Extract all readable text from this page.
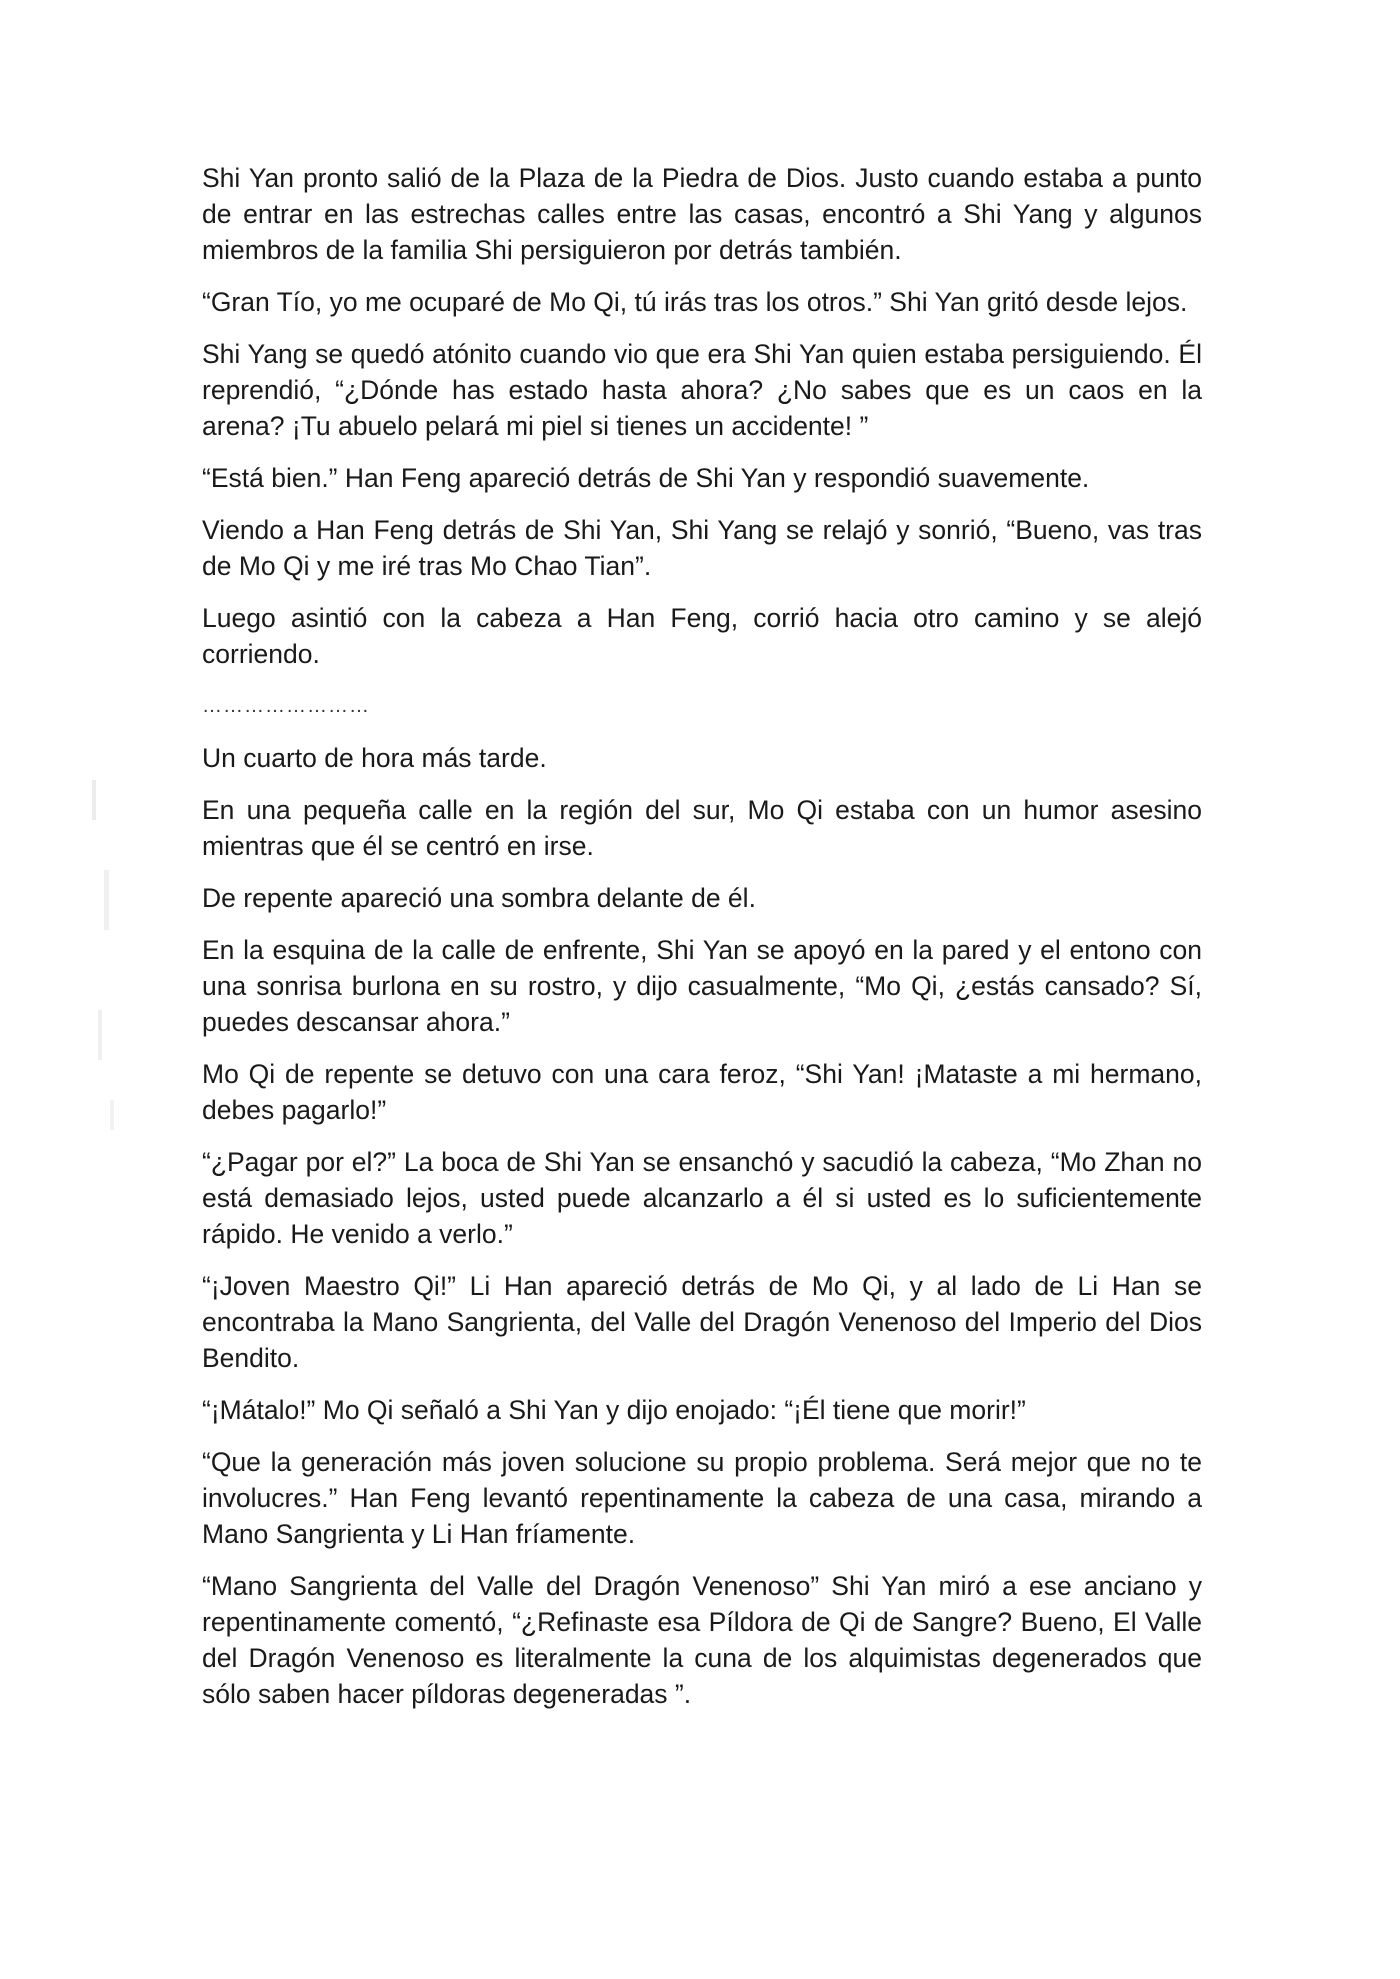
Shi Yan pronto salió de la Plaza de la Piedra de Dios. Justo cuando estaba a punto de entrar en las estrechas calles entre las casas, encontró a Shi Yang y algunos miembros de la familia Shi persiguieron por detrás también.

“Gran Tío, yo me ocuparé de Mo Qi, tú irás tras los otros.” Shi Yan gritó desde lejos.

Shi Yang se quedó atónito cuando vio que era Shi Yan quien estaba persiguiendo. Él reprendió, “¿Dónde has estado hasta ahora? ¿No sabes que es un caos en la arena? ¡Tu abuelo pelará mi piel si tienes un accidente! ”

“Está bien.” Han Feng apareció detrás de Shi Yan y respondió suavemente.

Viendo a Han Feng detrás de Shi Yan, Shi Yang se relajó y sonrió, “Bueno, vas tras de Mo Qi y me iré tras Mo Chao Tian”.

Luego asintió con la cabeza a Han Feng, corrió hacia otro camino y se alejó corriendo.

……………………

Un cuarto de hora más tarde.

En una pequeña calle en la región del sur, Mo Qi estaba con un humor asesino mientras que él se centró en irse.

De repente apareció una sombra delante de él.

En la esquina de la calle de enfrente, Shi Yan se apoyó en la pared y el entono con una sonrisa burlona en su rostro, y dijo casualmente, “Mo Qi, ¿estás cansado? Sí, puedes descansar ahora.”

Mo Qi de repente se detuvo con una cara feroz, “Shi Yan! ¡Mataste a mi hermano, debes pagarlo!”

“¿Pagar por el?” La boca de Shi Yan se ensanchó y sacudió la cabeza, “Mo Zhan no está demasiado lejos, usted puede alcanzarlo a él si usted es lo suficientemente rápido. He venido a verlo.”

“¡Joven Maestro Qi!” Li Han apareció detrás de Mo Qi, y al lado de Li Han se encontraba la Mano Sangrienta, del Valle del Dragón Venenoso del Imperio del Dios Bendito.

“¡Mátalo!” Mo Qi señaló a Shi Yan y dijo enojado: “¡Él tiene que morir!”

“Que la generación más joven solucione su propio problema. Será mejor que no te involucres.” Han Feng levantó repentinamente la cabeza de una casa, mirando a Mano Sangrienta y Li Han fríamente.

“Mano Sangrienta del Valle del Dragón Venenoso” Shi Yan miró a ese anciano y repentinamente comentó, “¿Refinaste esa Píldora de Qi de Sangre? Bueno, El Valle del Dragón Venenoso es literalmente la cuna de los alquimistas degenerados que sólo saben hacer píldoras degeneradas ”.
